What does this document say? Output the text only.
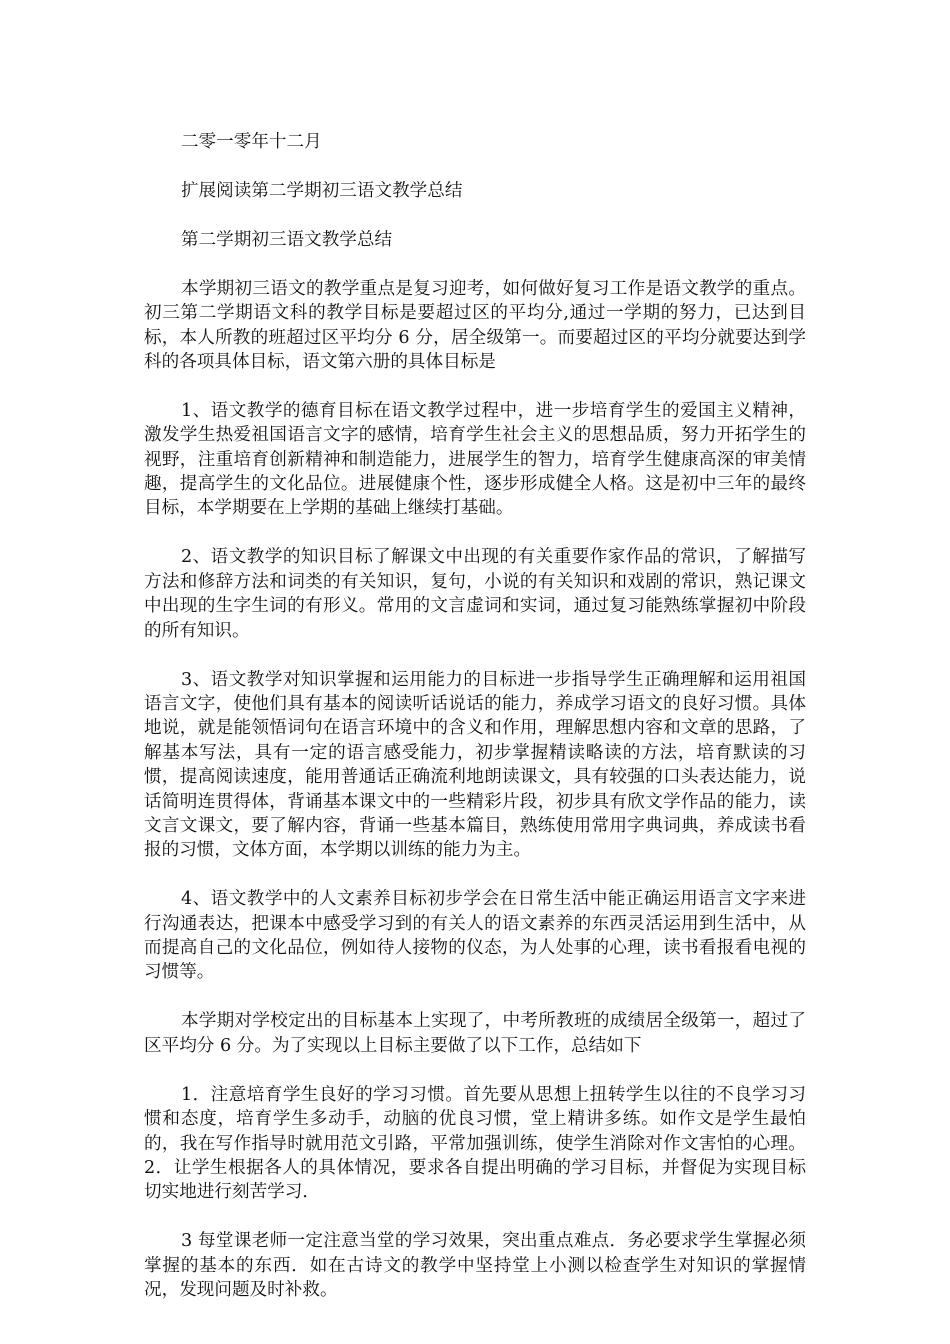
二零一零年十二月

扩展阅读第二学期初三语文教学总结

第二学期初三语文教学总结

本学期初三语文的教学重点是复习迎考，如何做好复习工作是语文教学的重点。初三第二学期语文科的教学目标是要超过区的平均分,通过一学期的努力，已达到目标，本人所教的班超过区平均分 6 分，居全级第一。而要超过区的平均分就要达到学科的各项具体目标，语文第六册的具体目标是

1、语文教学的德育目标在语文教学过程中，进一步培育学生的爱国主义精神，激发学生热爱祖国语言文字的感情，培育学生社会主义的思想品质，努力开拓学生的视野，注重培育创新精神和制造能力，进展学生的智力，培育学生健康高深的审美情趣，提高学生的文化品位。进展健康个性，逐步形成健全人格。这是初中三年的最终目标，本学期要在上学期的基础上继续打基础。

2、语文教学的知识目标了解课文中出现的有关重要作家作品的常识，了解描写方法和修辞方法和词类的有关知识，复句，小说的有关知识和戏剧的常识，熟记课文中出现的生字生词的有形义。常用的文言虚词和实词，通过复习能熟练掌握初中阶段的所有知识。

3、语文教学对知识掌握和运用能力的目标进一步指导学生正确理解和运用祖国语言文字，使他们具有基本的阅读听话说话的能力，养成学习语文的良好习惯。具体地说，就是能领悟词句在语言环境中的含义和作用，理解思想内容和文章的思路，了解基本写法，具有一定的语言感受能力，初步掌握精读略读的方法，培育默读的习惯，提高阅读速度，能用普通话正确流利地朗读课文，具有较强的口头表达能力，说话简明连贯得体，背诵基本课文中的一些精彩片段，初步具有欣文学作品的能力，读文言文课文，要了解内容，背诵一些基本篇目，熟练使用常用字典词典，养成读书看报的习惯，文体方面，本学期以训练的能力为主。

4、语文教学中的人文素养目标初步学会在日常生活中能正确运用语言文字来进行沟通表达，把课本中感受学习到的有关人的语文素养的东西灵活运用到生活中，从而提高自己的文化品位，例如待人接物的仪态，为人处事的心理，读书看报看电视的习惯等。

本学期对学校定出的目标基本上实现了，中考所教班的成绩居全级第一，超过了区平均分 6 分。为了实现以上目标主要做了以下工作，总结如下

1．注意培育学生良好的学习习惯。首先要从思想上扭转学生以往的不良学习习惯和态度，培育学生多动手，动脑的优良习惯，堂上精讲多练。如作文是学生最怕的，我在写作指导时就用范文引路，平常加强训练，使学生消除对作文害怕的心理。2．让学生根据各人的具体情况，要求各自提出明确的学习目标，并督促为实现目标切实地进行刻苦学习．

3 每堂课老师一定注意当堂的学习效果，突出重点难点．务必要求学生掌握必须掌握的基本的东西．如在古诗文的教学中坚持堂上小测以检查学生对知识的掌握情况，发现问题及时补救。
